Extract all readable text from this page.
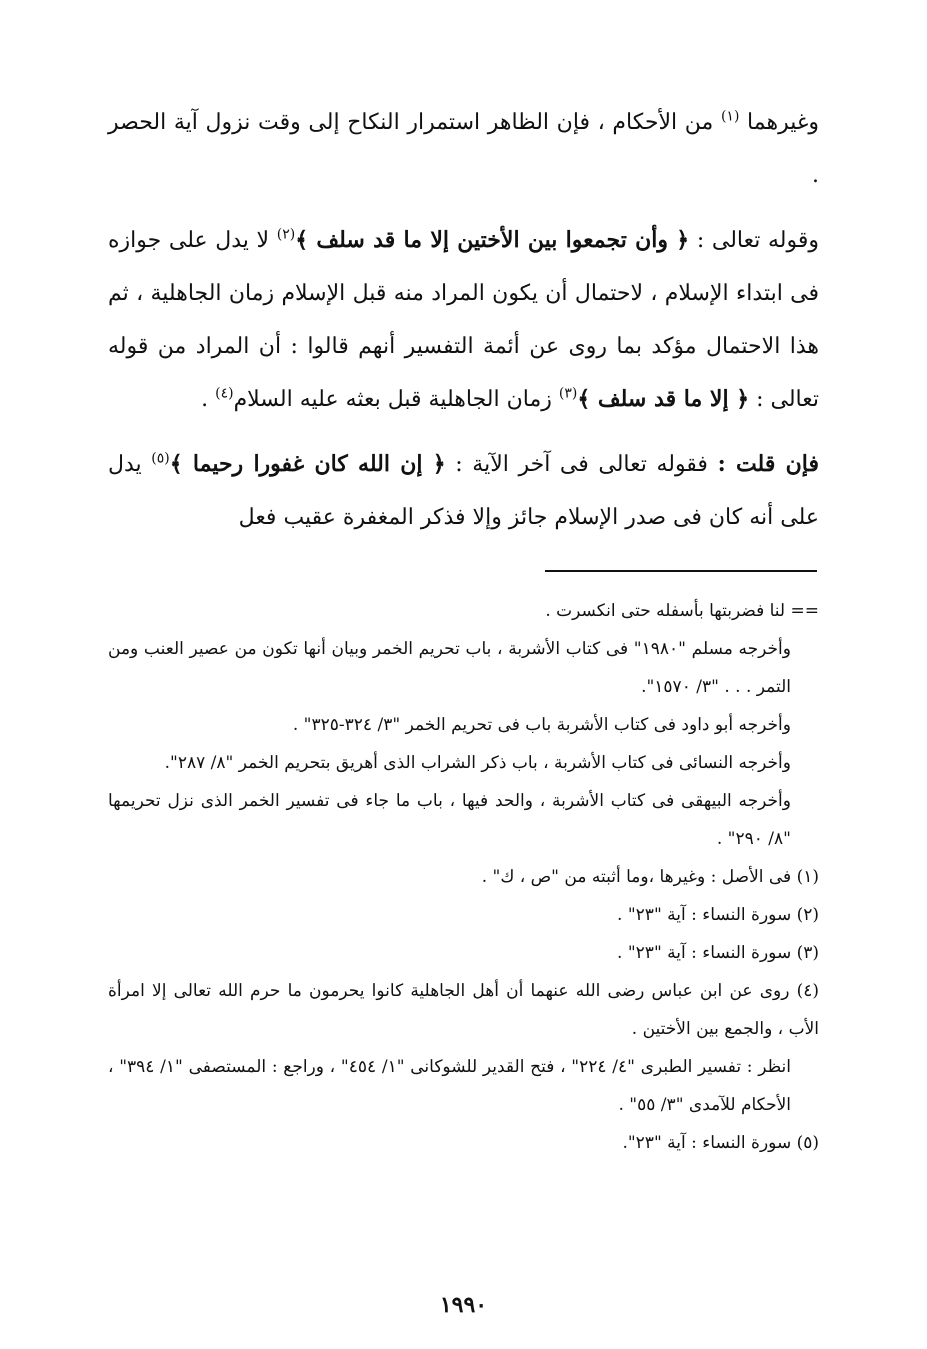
وغيرهما $^{(١)}$ من الأحكام ، فإن الظاهر استمرار النكاح إلى وقت نزول آية الحصر .

وقوله تعالى : ﴿ وأن تجمعوا بين الأختين إلا ما قد سلف ﴾$^{(٢)}$ لا يدل على جوازه فى ابتداء الإسلام ، لاحتمال أن يكون المراد منه قبل الإسلام زمان الجاهلية ، ثم هذا الاحتمال مؤكد بما روى عن أئمة التفسير أنهم قالوا : أن المراد من قوله تعالى : ﴿ إلا ما قد سلف ﴾$^{(٣)}$ زمان الجاهلية قبل بعثه عليه السلام$^{(٤)}$ .

فإن قلت : فقوله تعالى فى آخر الآية : ﴿ إن الله كان غفورا رحيما ﴾$^{(٥)}$ يدل على أنه كان فى صدر الإسلام جائز وإلا فذكر المغفرة عقيب فعل

== لنا فضربتها بأسفله حتى انكسرت .

وأخرجه مسلم "١٩٨٠" فى كتاب الأشربة ، باب تحريم الخمر وبيان أنها تكون من عصير العنب ومن التمر . . . "٣/ ١٥٧٠".

وأخرجه أبو داود فى كتاب الأشربة باب فى تحريم الخمر "٣/ ٣٢٤-٣٢٥" .

وأخرجه النسائى فى كتاب الأشربة ، باب ذكر الشراب الذى أهريق بتحريم الخمر "٨/ ٢٨٧".

وأخرجه البيهقى فى كتاب الأشربة ، والحد فيها ، باب ما جاء فى تفسير الخمر الذى نزل تحريمها "٨/ ٢٩٠" .

(١) فى الأصل : وغيرها ،وما أثبته من "ص ، ك" .

(٢) سورة النساء : آية "٢٣" .

(٣) سورة النساء : آية "٢٣" .

(٤) روى عن ابن عباس رضى الله عنهما أن أهل الجاهلية كانوا يحرمون ما حرم الله تعالى إلا امرأة الأب ، والجمع بين الأختين .

انظر : تفسير الطبرى "٤/ ٢٢٤" ، فتح القدير للشوكانى "١/ ٤٥٤" ، وراجع : المستصفى "١/ ٣٩٤" ، الأحكام للآمدى "٣/ ٥٥" .

(٥) سورة النساء : آية "٢٣".

١٩٩٠
